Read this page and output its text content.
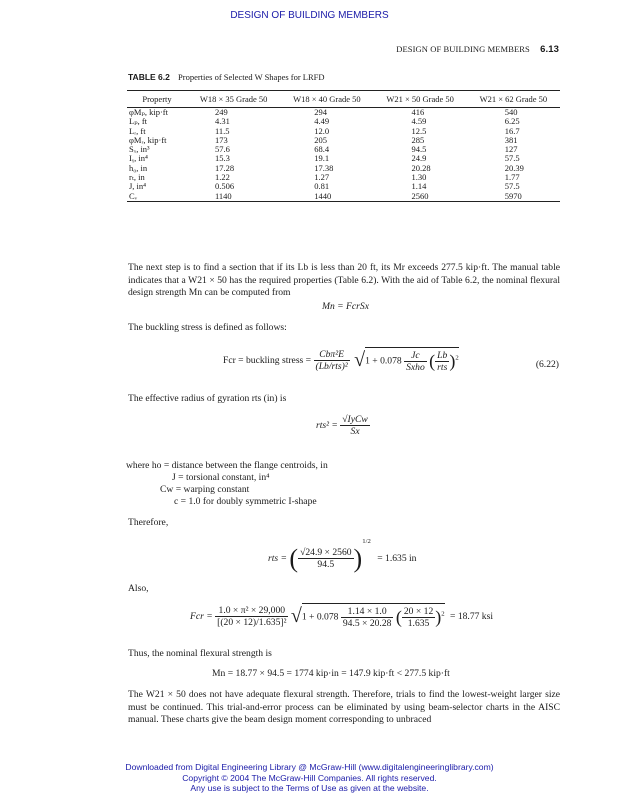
DESIGN OF BUILDING MEMBERS
DESIGN OF BUILDING MEMBERS 6.13
TABLE 6.2 Properties of Selected W Shapes for LRFD
Property	W18 × 35 Grade 50	W18 × 40 Grade 50	W21 × 50 Grade 50	W21 × 62 Grade 50
φMₚ, kip·ft	249	294	416	540
Lₚ, ft	4.31	4.49	4.59	6.25
Lᵣ, ft	11.5	12.0	12.5	16.7
φMᵣ, kip·ft	173	205	285	381
Sₓ, in³	57.6	68.4	94.5	127
Iᵧ, in⁴	15.3	19.1	24.9	57.5
h₀, in	17.28	17.38	20.28	20.39
rₜ, in	1.22	1.27	1.30	1.77
J, in⁴	0.506	0.81	1.14	57.5
Cᵥ	1140	1440	2560	5970
The next step is to find a section that if its Lb is less than 20 ft, its Mr exceeds 277.5 kip·ft. The manual table indicates that a W21 × 50 has the required properties (Table 6.2). With the aid of Table 6.2, the nominal flexural design strength Mn can be computed from
Mn = FcrSx
The buckling stress is defined as follows:
Fcr = buckling stress = $\frac{\text{Cbπ²E}}{\text{(Lb/rts)²}} √1 + 0.078 \frac{Jc}{\text{Sxho}}$ ( $\frac{Lb}{\text{rts}} )^2$
(6.22)
The effective radius of gyration rts (in) is
$rts^2 = \frac{\text{√IyCw}}{Sx}$
where ho = distance between the flange centroids, in
J = torsional constant, in⁴
Cw = warping constant
c = 1.0 for doubly symmetric I-shape
Therefore,
rts = ( $\frac{√24.9 \times 2560}{94.5} )^{1/2} = 1.635$ in
Also,
Fcr = $\frac{\text{1.0 × π² × 29,000}}{\text{[(20 × 12)/1.635]²}} √1 + 0.078 \frac{1.14 \times 1.0}{94.5 \times 20.28}$ ( $\frac{20 \times 12}{1.635} )^2 = 18.77$ ksi
Thus, the nominal flexural strength is
Mn = 18.77 × 94.5 = 1774 kip·in = 147.9 kip·ft < 277.5 kip·ft
The W21 × 50 does not have adequate flexural strength. Therefore, trials to find the lowest-weight larger size must be continued. This trial-and-error process can be eliminated by using beam-selector charts in the AISC manual. These charts give the beam design moment corresponding to unbraced
Downloaded from Digital Engineering Library @ McGraw-Hill (www.digitalengineeringlibrary.com)
Copyright © 2004 The McGraw-Hill Companies. All rights reserved.
Any use is subject to the Terms of Use as given at the website.
